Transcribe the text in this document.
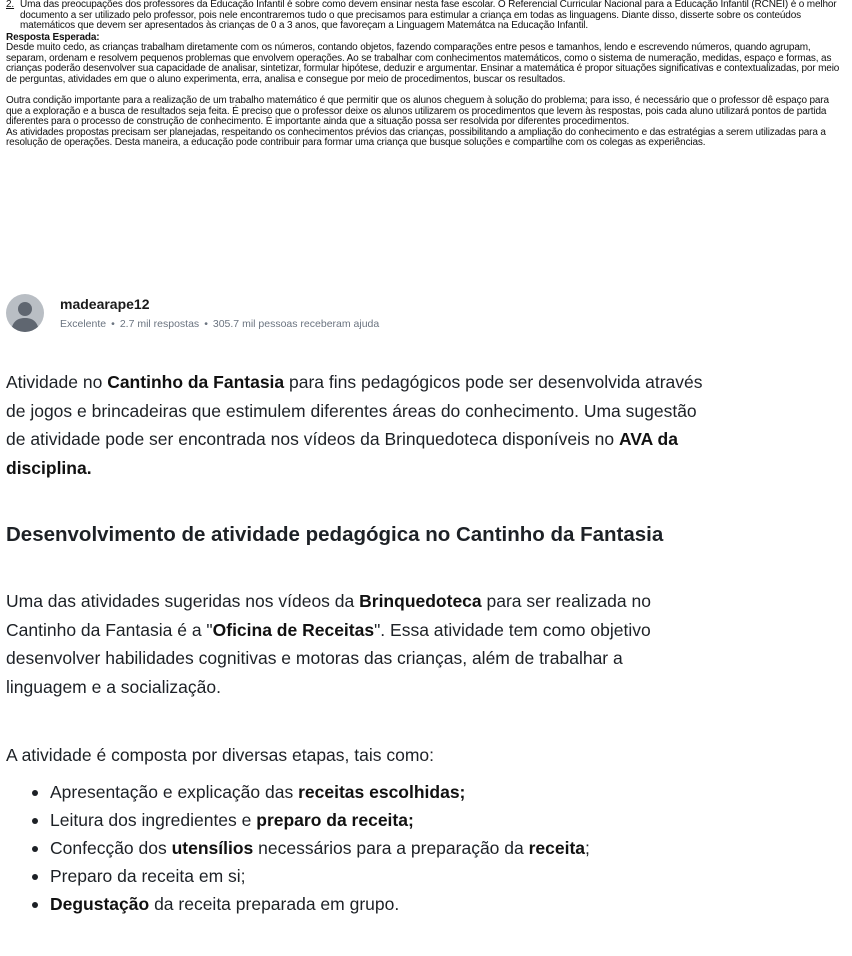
2. Uma das preocupações dos professores da Educação Infantil é sobre como devem ensinar nesta fase escolar. O Referencial Curricular Nacional para a Educação Infantil (RCNEI) é o melhor documento a ser utilizado pelo professor, pois nele encontraremos tudo o que precisamos para estimular a criança em todas as linguagens. Diante disso, disserte sobre os conteúdos matemáticos que devem ser apresentados às crianças de 0 a 3 anos, que favoreçam a Linguagem Matemátca na Educação Infantil.
Resposta Esperada:

Desde muito cedo, as crianças trabalham diretamente com os números, contando objetos, fazendo comparações entre pesos e tamanhos, lendo e escrevendo números, quando agrupam, separam, ordenam e resolvem pequenos problemas que envolvem operações. Ao se trabalhar com conhecimentos matemáticos, como o sistema de numeração, medidas, espaço e formas, as crianças poderão desenvolver sua capacidade de analisar, sintetizar, formular hipótese, deduzir e argumentar. Ensinar a matemática é propor situações significativas e contextualizadas, por meio de perguntas, atividades em que o aluno experimenta, erra, analisa e consegue por meio de procedimentos, buscar os resultados.

Outra condição importante para a realização de um trabalho matemático é que permitir que os alunos cheguem à solução do problema; para isso, é necessário que o professor dê espaço para que a exploração e a busca de resultados seja feita. É preciso que o professor deixe os alunos utilizarem os procedimentos que levem às respostas, pois cada aluno utilizará pontos de partida diferentes para o processo de construção de conhecimento. É importante ainda que a situação possa ser resolvida por diferentes procedimentos.

As atividades propostas precisam ser planejadas, respeitando os conhecimentos prévios das crianças, possibilitando a ampliação do conhecimento e das estratégias a serem utilizadas para a resolução de operações. Desta maneira, a educação pode contribuir para formar uma criança que busque soluções e compartilhe com os colegas as experiências.

madearape12
Excelente • 2.7 mil respostas • 305.7 mil pessoas receberam ajuda

Atividade no Cantinho da Fantasia para fins pedagógicos pode ser desenvolvida através de jogos e brincadeiras que estimulem diferentes áreas do conhecimento. Uma sugestão de atividade pode ser encontrada nos vídeos da Brinquedoteca disponíveis no AVA da disciplina.

Desenvolvimento de atividade pedagógica no Cantinho da Fantasia

Uma das atividades sugeridas nos vídeos da Brinquedoteca para ser realizada no Cantinho da Fantasia é a "Oficina de Receitas". Essa atividade tem como objetivo desenvolver habilidades cognitivas e motoras das crianças, além de trabalhar a linguagem e a socialização.

A atividade é composta por diversas etapas, tais como:

Apresentação e explicação das receitas escolhidas;
Leitura dos ingredientes e preparo da receita;
Confecção dos utensílios necessários para a preparação da receita;
Preparo da receita em si;
Degustação da receita preparada em grupo.
